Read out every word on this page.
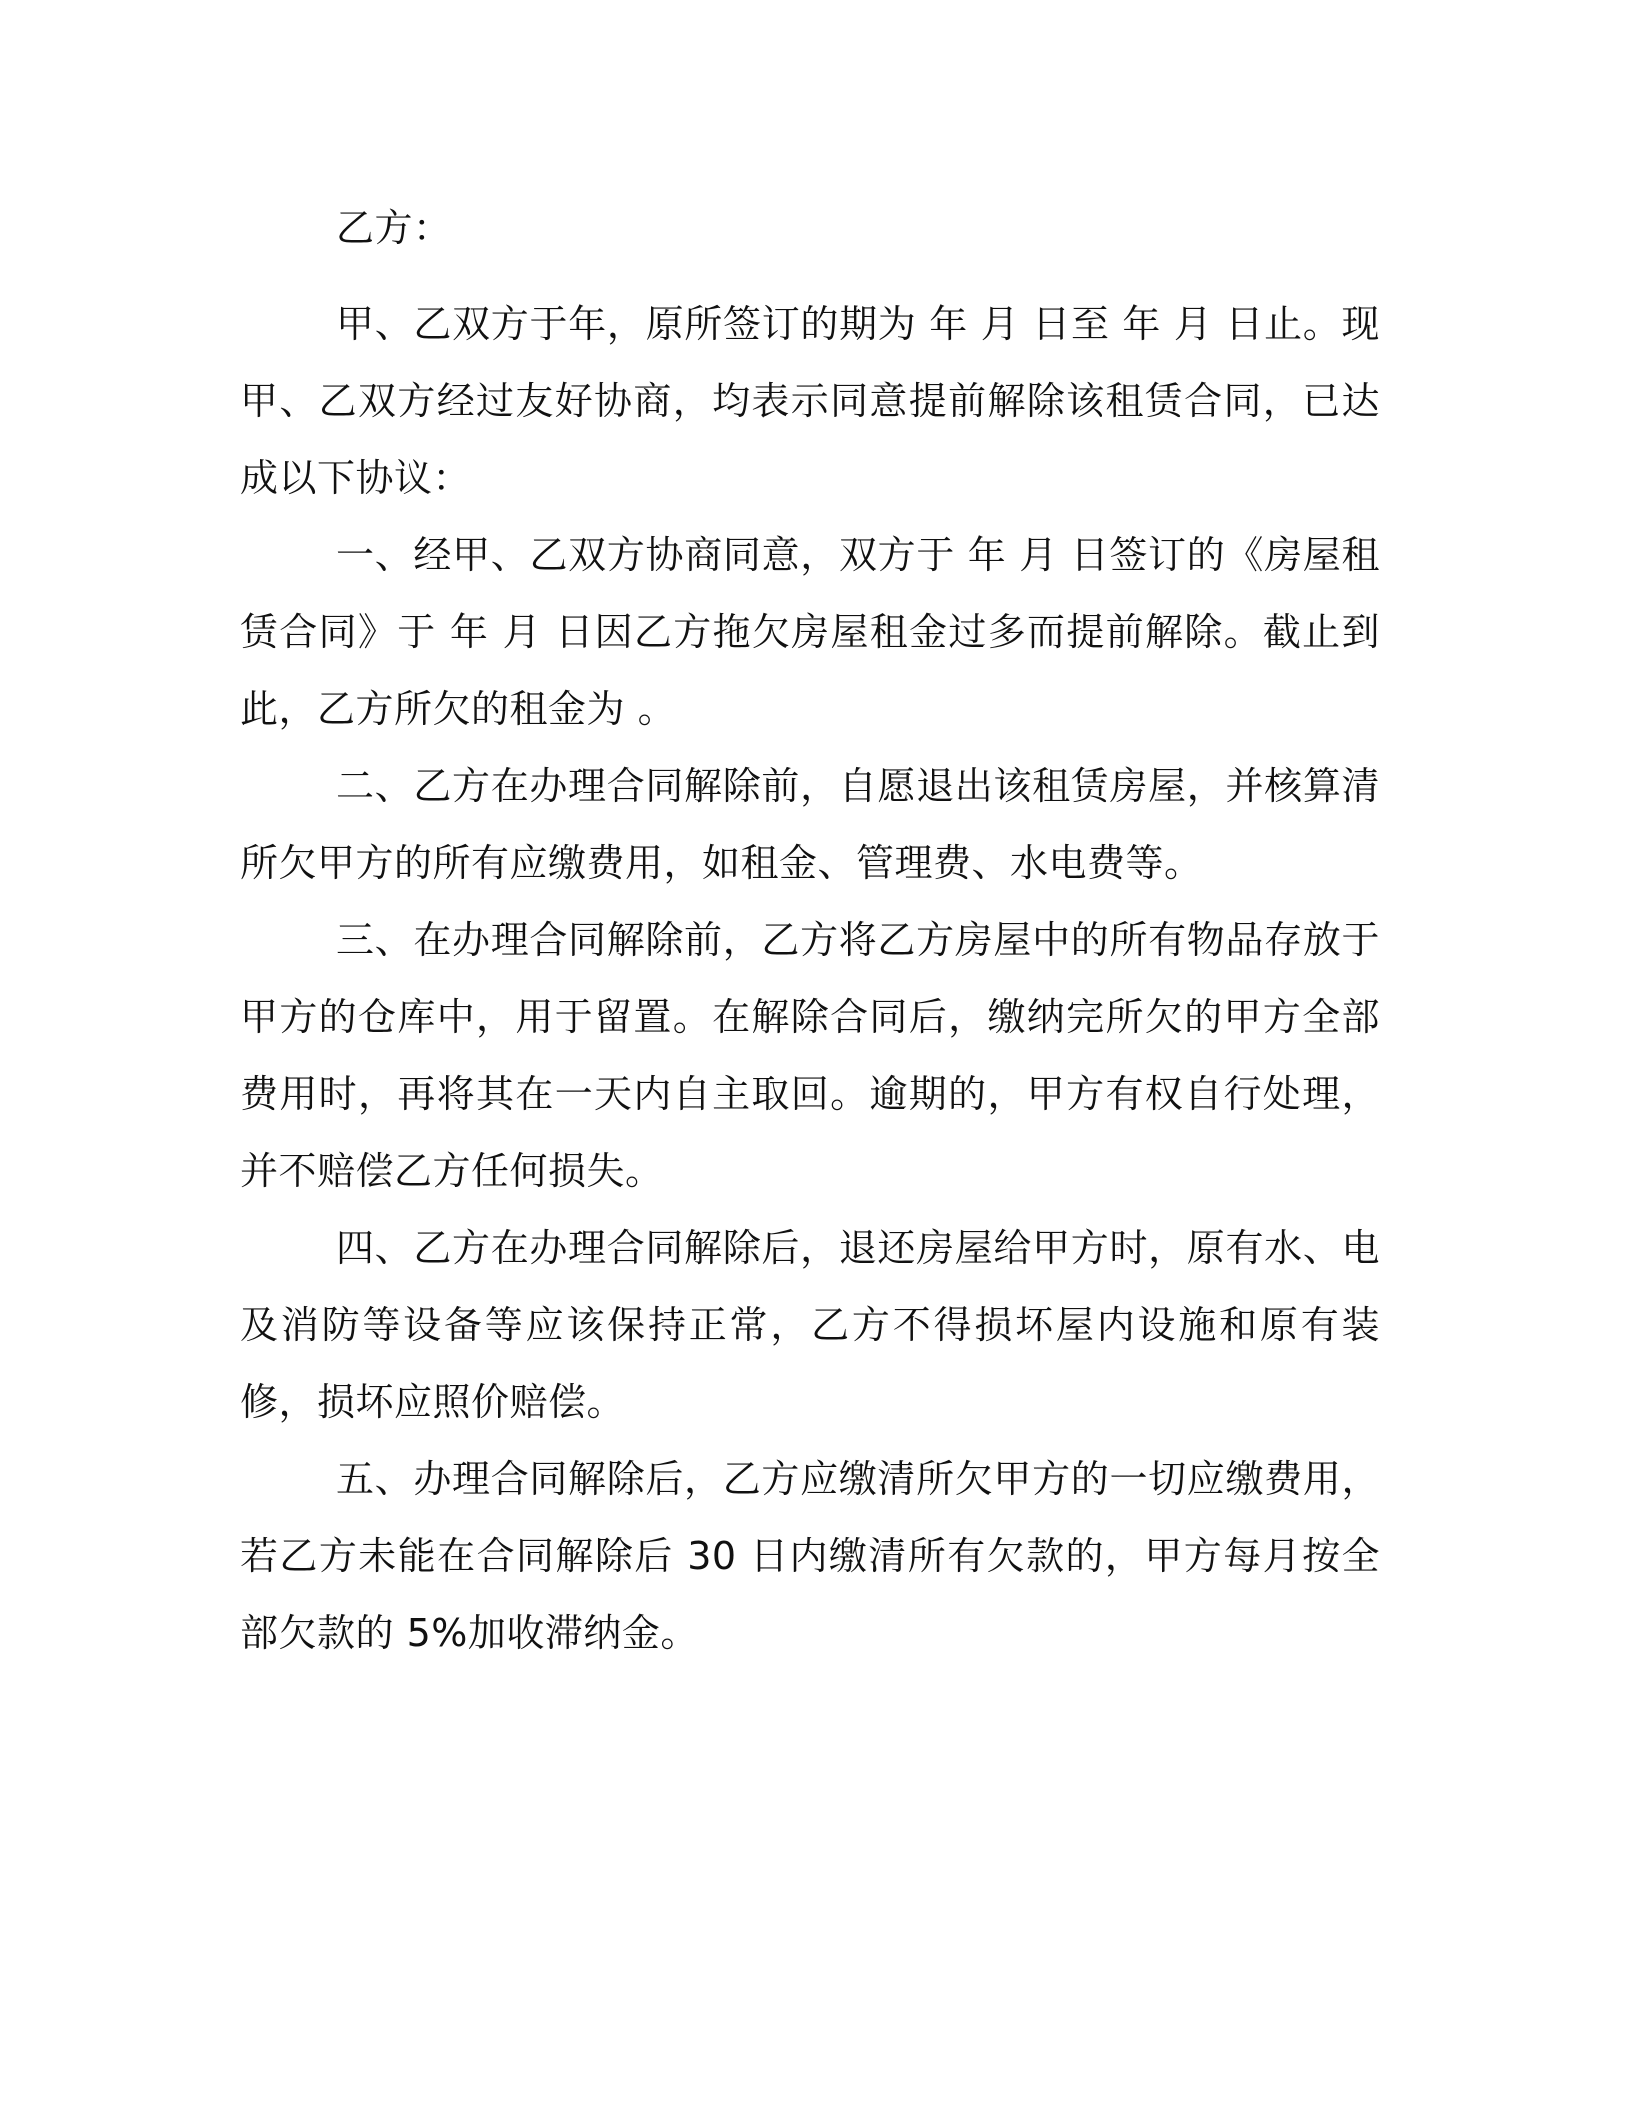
乙方：

甲、乙双方于年，原所签订的期为 年 月 日至 年 月 日止。现甲、乙双方经过友好协商，均表示同意提前解除该租赁合同，已达成以下协议：

一、经甲、乙双方协商同意，双方于 年 月 日签订的《房屋租赁合同》于 年 月 日因乙方拖欠房屋租金过多而提前解除。截止到此，乙方所欠的租金为 。

二、乙方在办理合同解除前，自愿退出该租赁房屋，并核算清所欠甲方的所有应缴费用，如租金、管理费、水电费等。

三、在办理合同解除前，乙方将乙方房屋中的所有物品存放于甲方的仓库中，用于留置。在解除合同后，缴纳完所欠的甲方全部费用时，再将其在一天内自主取回。逾期的，甲方有权自行处理，并不赔偿乙方任何损失。

四、乙方在办理合同解除后，退还房屋给甲方时，原有水、电及消防等设备等应该保持正常，乙方不得损坏屋内设施和原有装修，损坏应照价赔偿。

五、办理合同解除后，乙方应缴清所欠甲方的一切应缴费用，若乙方未能在合同解除后 30 日内缴清所有欠款的，甲方每月按全部欠款的 5%加收滞纳金。
